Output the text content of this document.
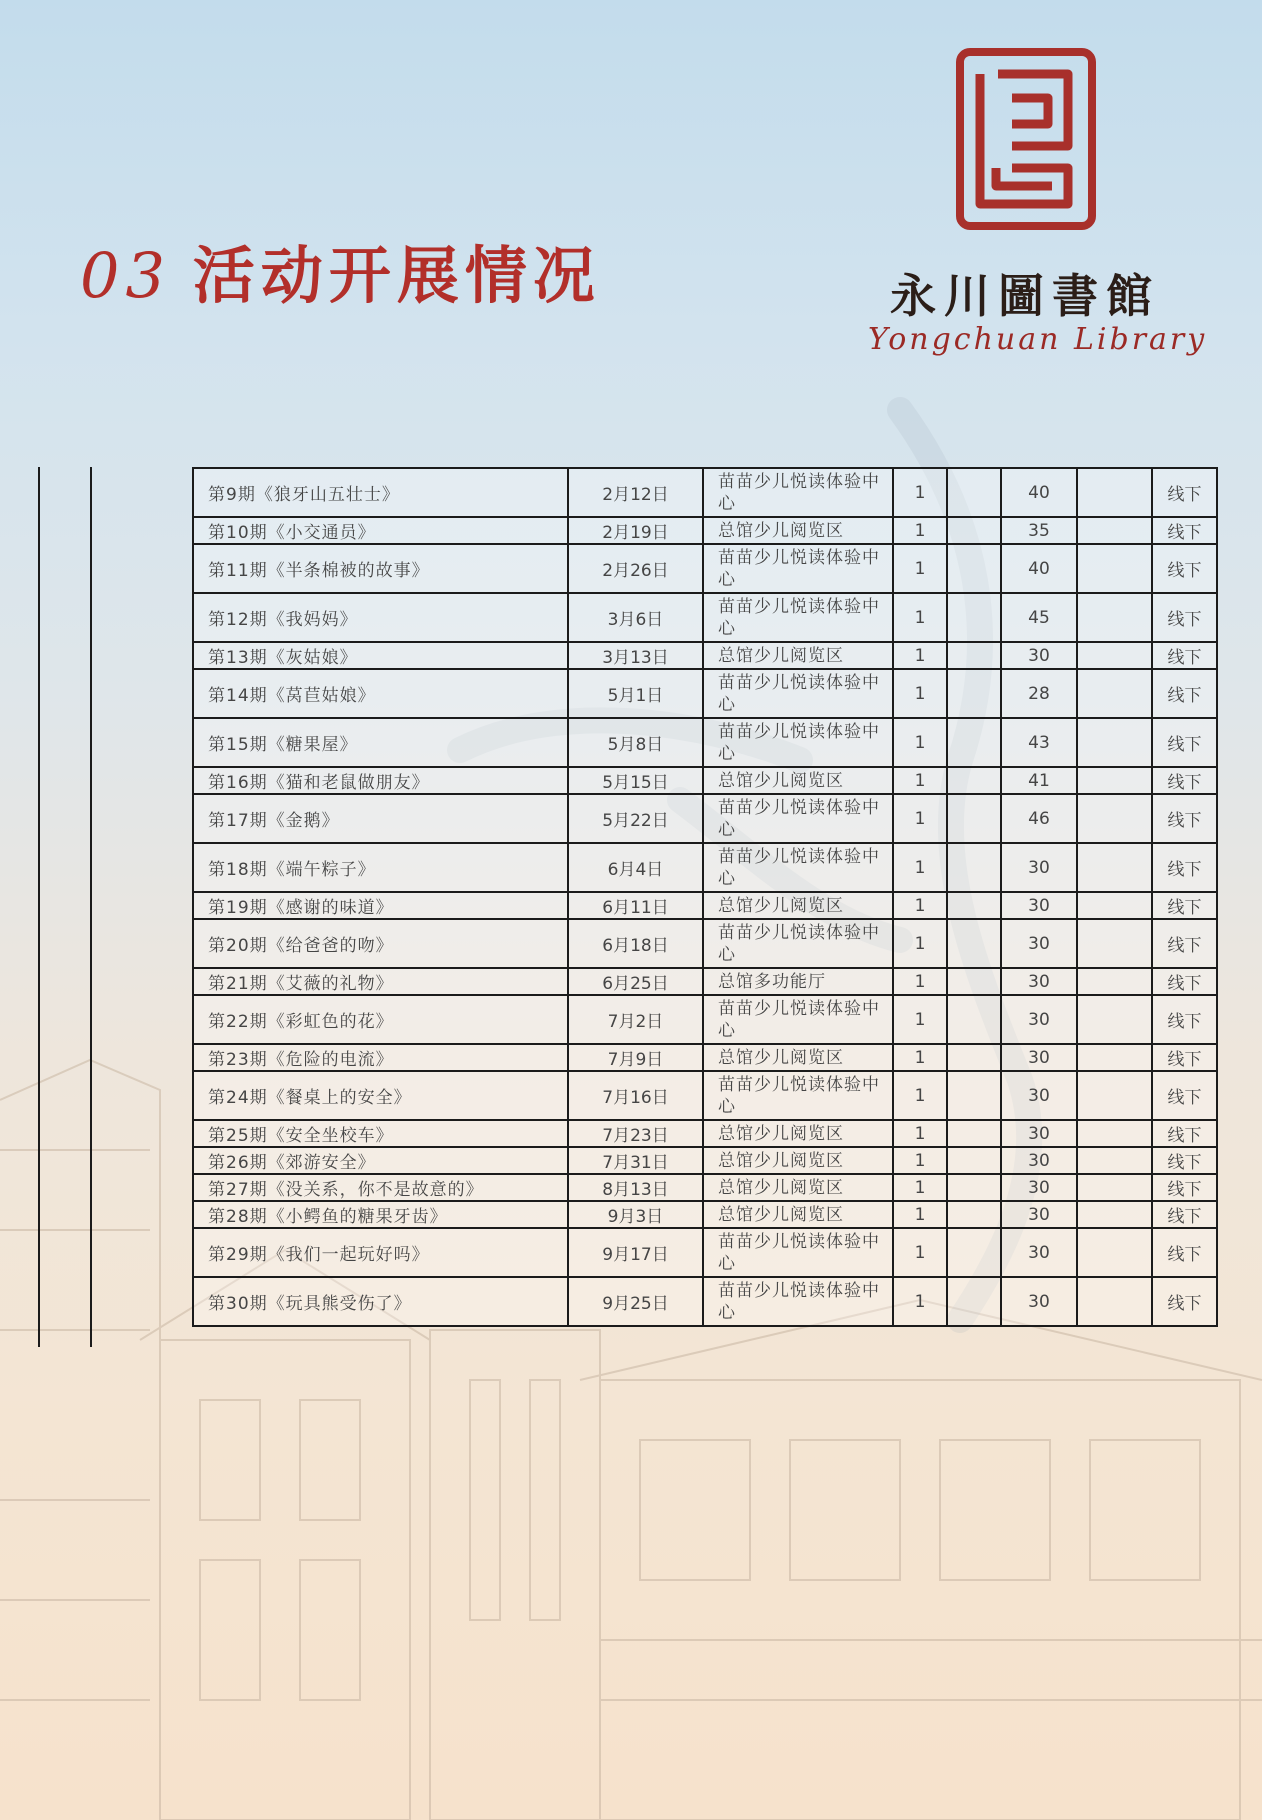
03 活动开展情况	永川圖書館
Yongchuan Library
第9期《狼牙山五壮士》	2月12日	苗苗少儿悦读体验中心	1		40		线下
第10期《小交通员》	2月19日	总馆少儿阅览区	1		35		线下
第11期《半条棉被的故事》	2月26日	苗苗少儿悦读体验中心	1		40		线下
第12期《我妈妈》	3月6日	苗苗少儿悦读体验中心	1		45		线下
第13期《灰姑娘》	3月13日	总馆少儿阅览区	1		30		线下
第14期《莴苣姑娘》	5月1日	苗苗少儿悦读体验中心	1		28		线下
第15期《糖果屋》	5月8日	苗苗少儿悦读体验中心	1		43		线下
第16期《猫和老鼠做朋友》	5月15日	总馆少儿阅览区	1		41		线下
第17期《金鹅》	5月22日	苗苗少儿悦读体验中心	1		46		线下
第18期《端午粽子》	6月4日	苗苗少儿悦读体验中心	1		30		线下
第19期《感谢的味道》	6月11日	总馆少儿阅览区	1		30		线下
第20期《给爸爸的吻》	6月18日	苗苗少儿悦读体验中心	1		30		线下
第21期《艾薇的礼物》	6月25日	总馆多功能厅	1		30		线下
第22期《彩虹色的花》	7月2日	苗苗少儿悦读体验中心	1		30		线下
第23期《危险的电流》	7月9日	总馆少儿阅览区	1		30		线下
第24期《餐桌上的安全》	7月16日	苗苗少儿悦读体验中心	1		30		线下
第25期《安全坐校车》	7月23日	总馆少儿阅览区	1		30		线下
第26期《郊游安全》	7月31日	总馆少儿阅览区	1		30		线下
第27期《没关系，你不是故意的》	8月13日	总馆少儿阅览区	1		30		线下
第28期《小鳄鱼的糖果牙齿》	9月3日	总馆少儿阅览区	1		30		线下
第29期《我们一起玩好吗》	9月17日	苗苗少儿悦读体验中心	1		30		线下
第30期《玩具熊受伤了》	9月25日	苗苗少儿悦读体验中心	1		30		线下
